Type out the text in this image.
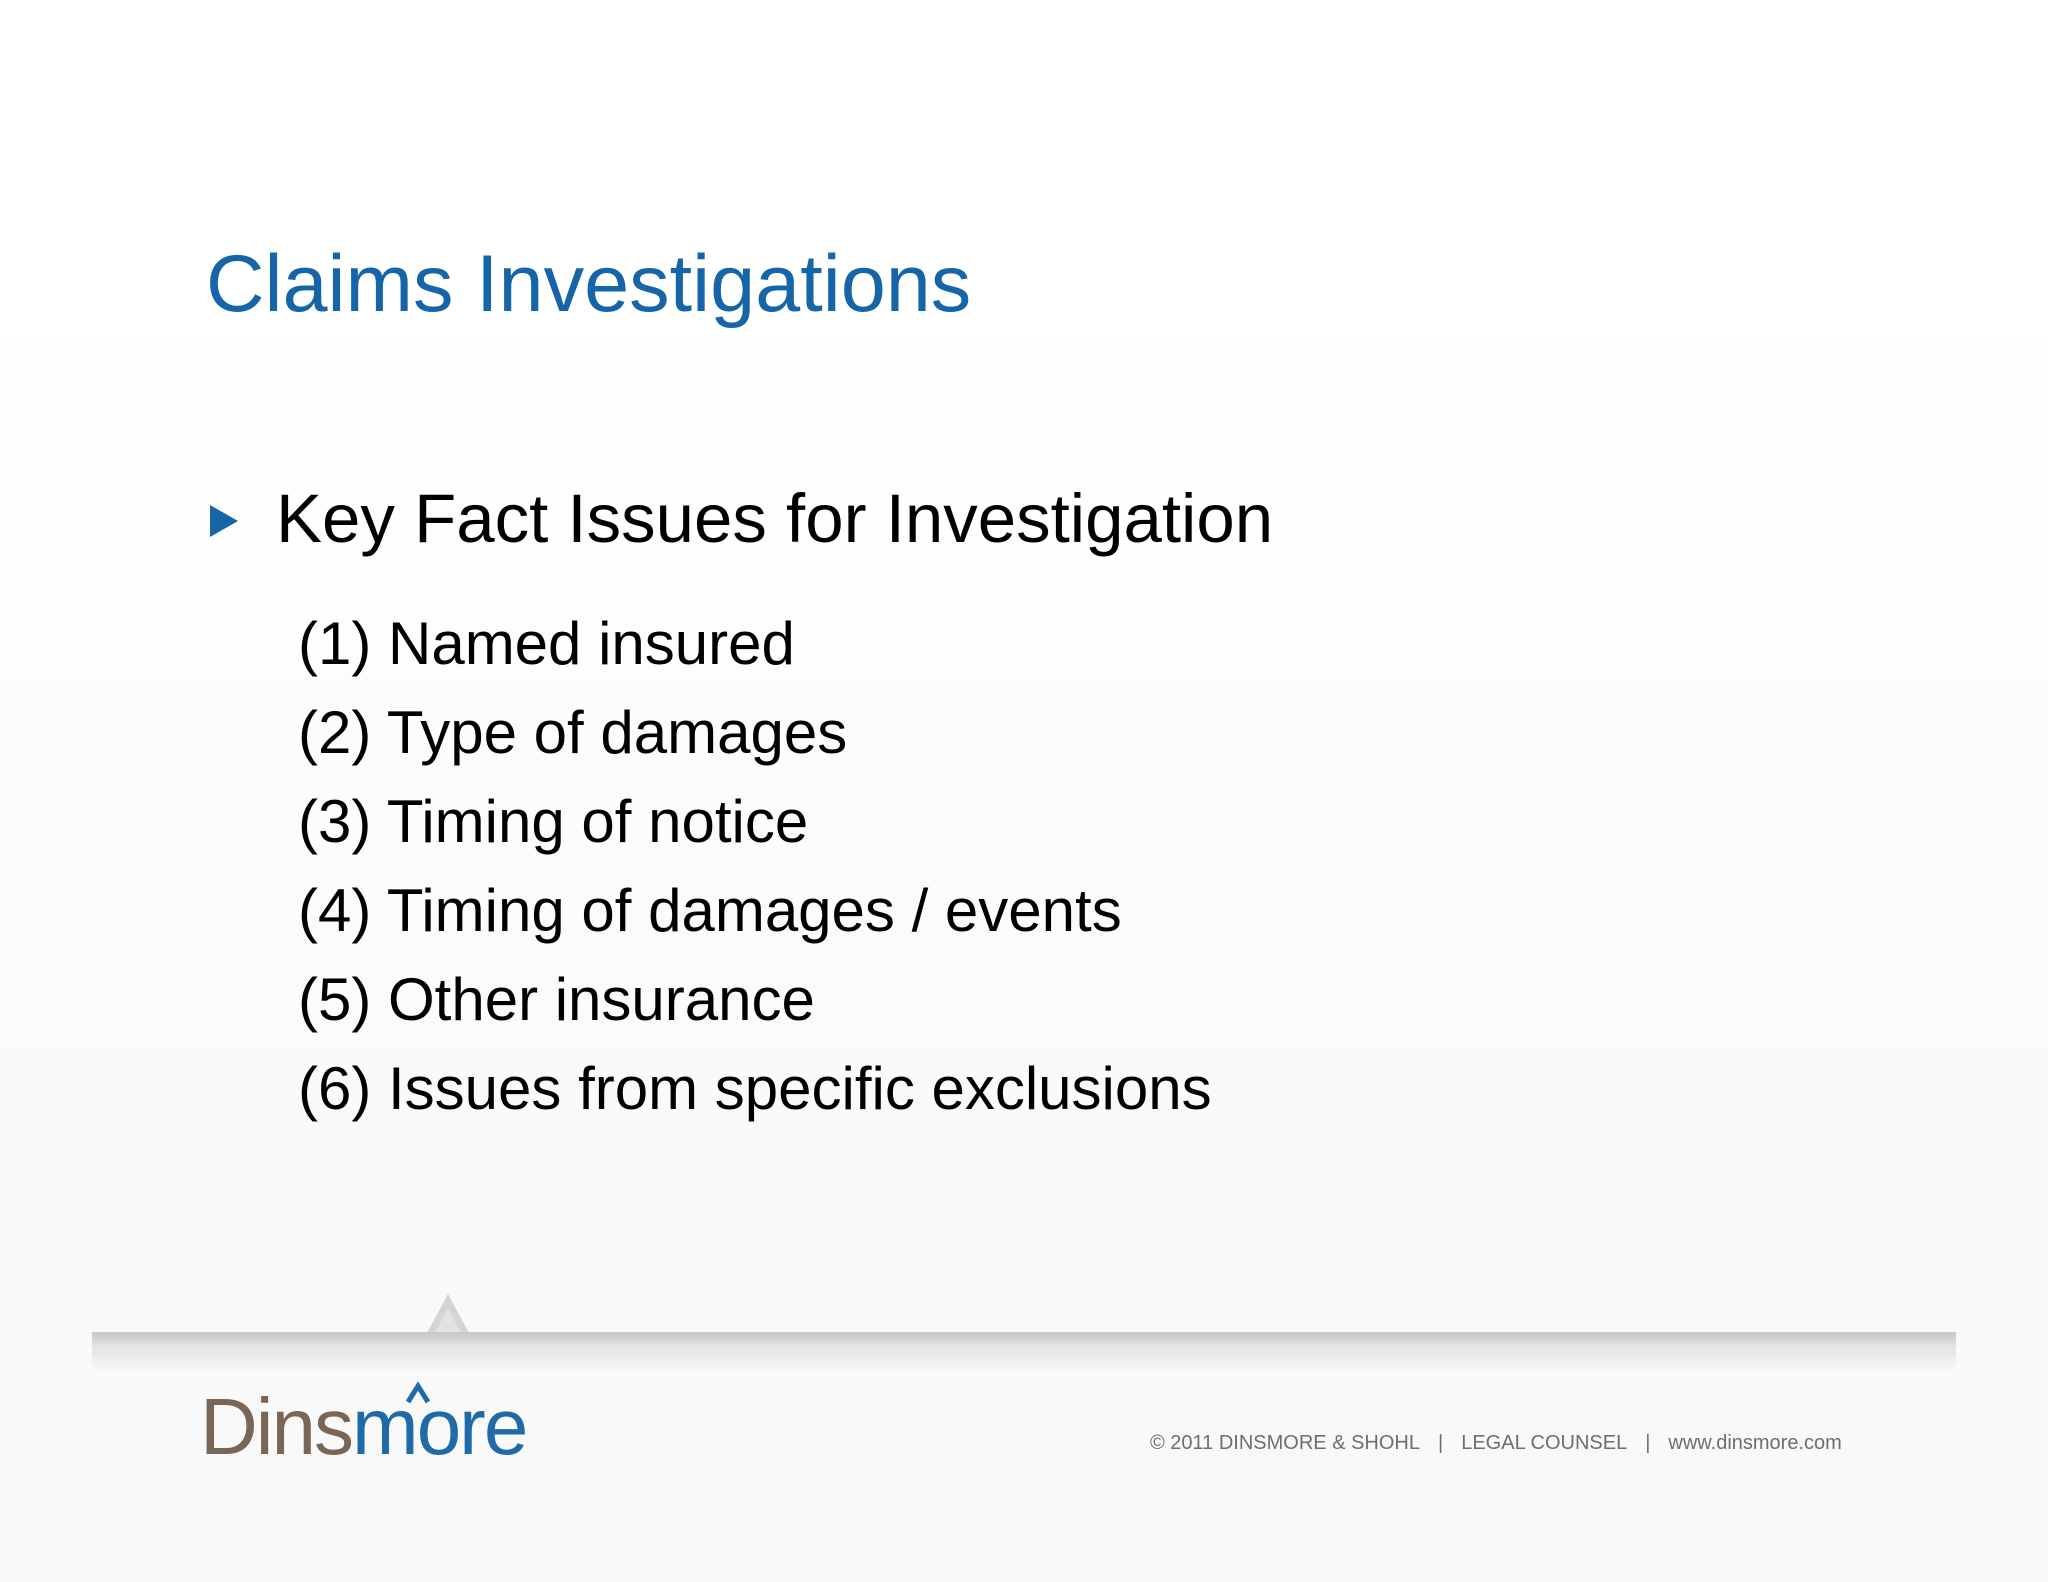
Claims Investigations
Key Fact Issues for Investigation
(1) Named insured
(2) Type of damages
(3) Timing of notice
(4) Timing of damages / events
(5) Other insurance
(6) Issues from specific exclusions
Dinsmore	© 2011 DINSMORE & SHOHL | LEGAL COUNSEL | www.dinsmore.com
